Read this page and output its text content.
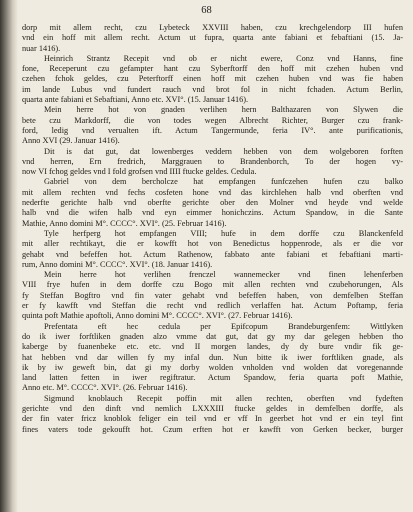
68
dorp mit allem recht, czu Lybeteck XXVIII haben, czu krechgelendorp III hufen
vnd ein hoff mit allem recht. Actum ut fupra, quarta ante fabiani et febaftiani (15. Ja-
nuar 1416).
Heinrich Strantz Recepit vnd ob er nicht ewere, Conz vnd Hanns, fine
fone, Receperunt czu gefampter hant czu Syberftorff den hoff mit czehen huben vnd
czehen fchok geldes, czu Peterftorff einen hoff mit czehen huben vnd was fie haben
im lande Lubus vnd fundert rauch vnd brot fol in nicht fchaden. Actum Berlin,
quarta ante fabiani et Sebaftiani, Anno etc. XVI°. (15. Januar 1416).
Mein herre hot von gnaden verlihen hern Balthazaren von Slywen die
bete czu Markdorff, die von todes wegen Albrecht Richter, Burger czu frank-
ford, ledig vnd verualten ift. Actum Tangermunde, feria IV°. ante purificationis,
Anno XVI (29. Januar 1416).
Dit is dat gut, dat lowenberges veddern hebben von dem wolgeboren forften
vnd herren, Ern fredrich, Marggrauen to Brandenborch, To der hogen vy-
now VI fchog geldes vnd I fold grofsen vnd IIII ftucke geldes. Cedula.
Gabriel von dem bercholcze hat empfangen funfczehen hufen czu balko
mit allem rechten vnd fechs cosfeten hone vnd das kirchlehen halb vnd oberften vnd
nederfte gerichte halb vnd oberfte gerichte ober den Molner vnd heyde vnd welde
halb vnd die wifen halb vnd eyn eimmer honichczins. Actum Spandow, in die Sante
Mathie, Anno domini M°. CCCC°. XVI°. (25. Februar 1416).
Tyle herfperg hot empfangen VIII; hufe in dem dorffe czu Blanckenfeld
mit aller rechtikayt, die er kowfft hot von Benedictus hoppenrode, als er die vor
gehabt vnd befeffen hot. Actum Rathenow, fabbato ante fabiani et febaftiani marti-
rum, Anno domini M°. CCCC°. XVI°. (18. Januar 1416).
Mein herre hot verlihen frenczel wannemecker vnd finen lehenferben
VIII frye hufen in dem dorffe czu Bogo mit allen rechten vnd czubehorungen, Als
fy Steffan Bogftro vnd fin vater gehabt vnd befeffen haben, von demfelben Steffan
er fy kawfft vnd Steffan die recht vnd redlich verlaffen hat. Actum Poftamp, feria
quinta poft Mathie apoftoli, Anno domini M°. CCCC°. XVI°. (27. Februar 1416).
Prefentata eft hec cedula per Epifcopum Brandeburgenfem: Wittlyken
do ik iwer forftliken gnaden alzo vmme dat gut, dat gy my dar gelegen hebben tho
kaberge by fuanenbeke etc. etc. vnd II morgen landes, dy dy bure vndir fik ge-
hat hebben vnd dar willen fy my infal dun. Nun bitte ik iwer forftliken gnade, als
ik by iw geweft bin, dat gi my dorby wolden vnholden vnd wolden dat voregenannde
land latten fetten in iwer regiftratur. Actum Spandow, feria quarta poft Mathie,
Anno etc. M°. CCCC°. XVI°. (26. Februar 1416).
Sigmund knoblauch Recepit poffin mit allen rechten, oberften vnd fydeften
gerichte vnd den dinft vnd nemlich LXXXIII ftucke geldes in demfelben dorffe, als
der fin vater fricz knoblok feliger ein teil vnd er vff In geerbet hot vnd er ein teyl fint
fines vaters tode gekoufft hot. Czum erften hot er kawfft von Gerken becker, burger
